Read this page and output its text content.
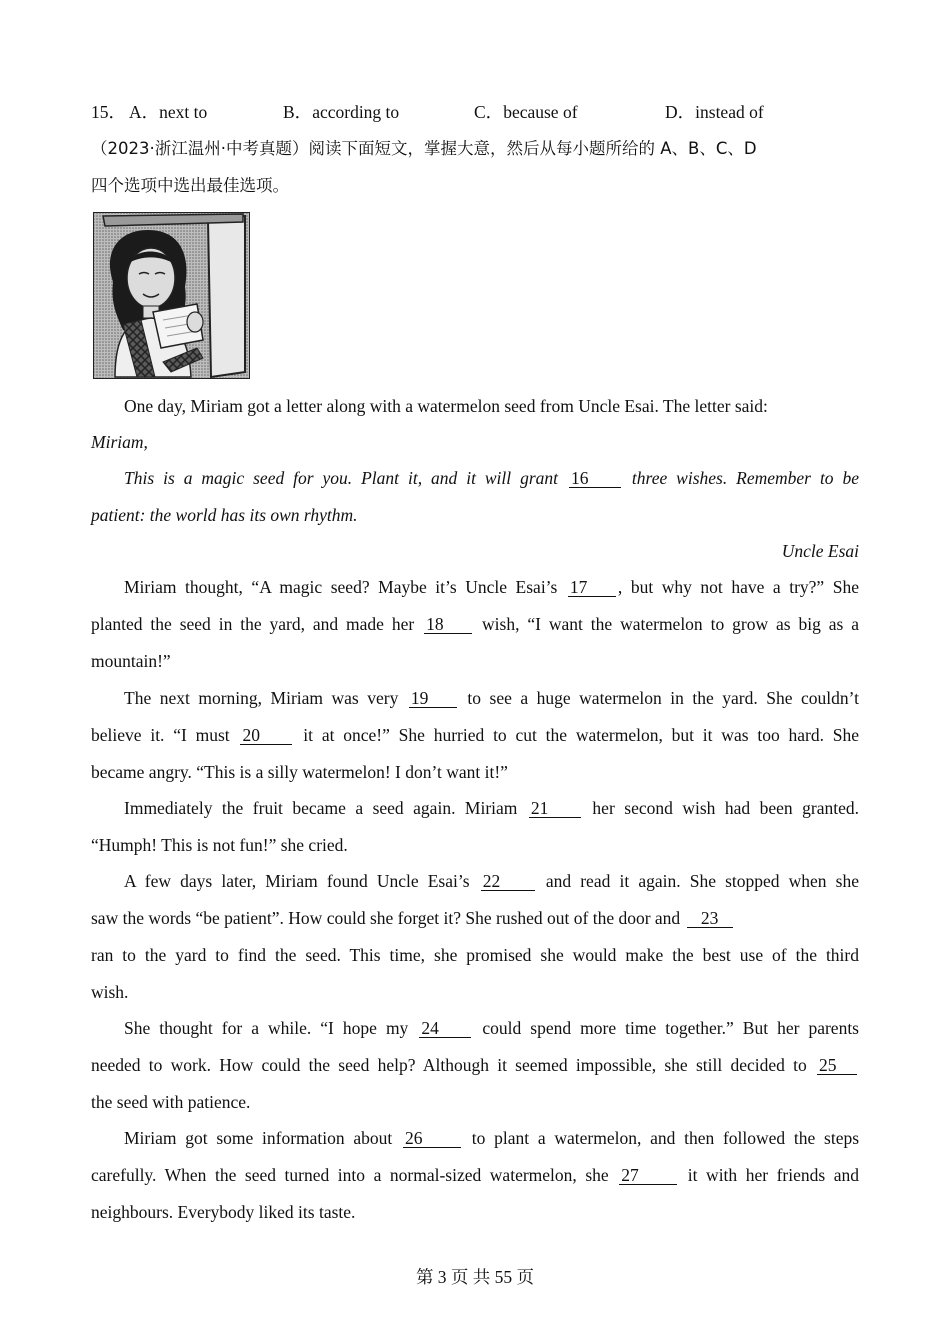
15． A．next to	B．according to	C．because of	D．instead of
（2023·浙江温州·中考真题）阅读下面短文，掌握大意，然后从每小题所给的 A、B、C、D
四个选项中选出最佳选项。
One day, Miriam got a letter along with a watermelon seed from Uncle Esai. The letter said:
Miriam,
This is a magic seed for you. Plant it, and it will grant 16 three wishes. Remember to be
patient: the world has its own rhythm.
Uncle Esai
Miriam thought, “A magic seed? Maybe it’s Uncle Esai’s 17 , but why not have a try?” She
planted the seed in the yard, and made her 18 wish, “I want the watermelon to grow as big as a
mountain!”
The next morning, Miriam was very 19 to see a huge watermelon in the yard. She couldn’t
believe it. “I must 20 it at once!” She hurried to cut the watermelon, but it was too hard. She
became angry. “This is a silly watermelon! I don’t want it!”
Immediately the fruit became a seed again. Miriam 21	her second wish had been granted.
“Humph! This is not fun!” she cried.
A few days later, Miriam found Uncle Esai’s 22	and read it again. She stopped when she
saw the words “be patient”. How could she forget it? She rushed out of the door and 23
ran to the yard to find the seed. This time, she promised she would make the best use of the third
wish.
She thought for a while. “I hope my 24 could spend more time together.” But her parents
needed to work. How could the seed help? Although it seemed impossible, she still decided to 25
the seed with patience.
Miriam got some information about 26	to plant a watermelon, and then followed the steps
carefully. When the seed turned into a normal-sized watermelon, she 27	it with her friends and
neighbours. Everybody liked its taste.
第 3 页 共 55 页
